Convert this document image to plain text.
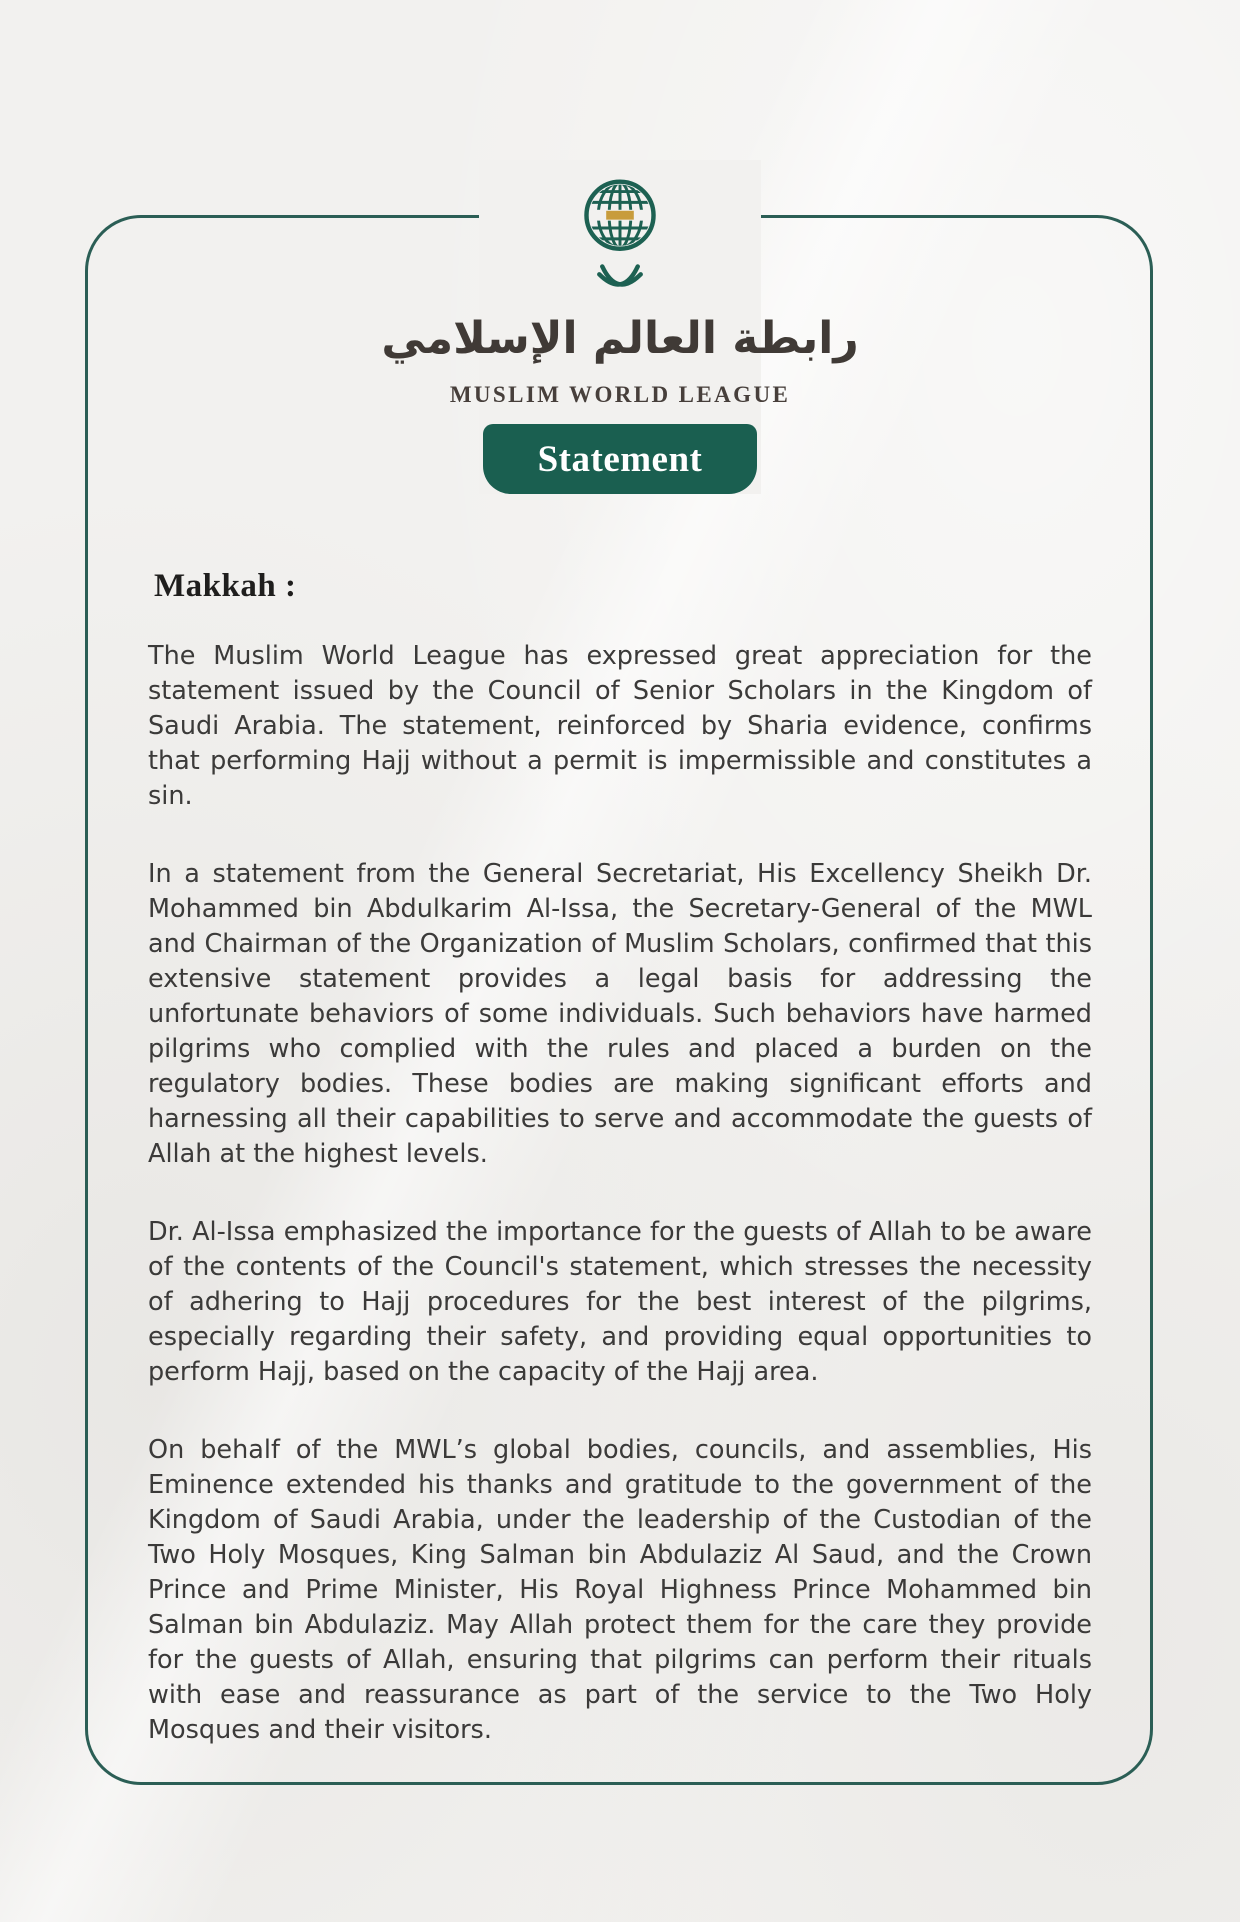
رابطة العالم الإسلامي
MUSLIM WORLD LEAGUE
Statement
Makkah :

The Muslim World League has expressed great appreciation for the statement issued by the Council of Senior Scholars in the Kingdom of Saudi Arabia. The statement, reinforced by Sharia evidence, confirms that performing Hajj without a permit is impermissible and constitutes a sin.

In a statement from the General Secretariat, His Excellency Sheikh Dr. Mohammed bin Abdulkarim Al-Issa, the Secretary-General of the MWL and Chairman of the Organization of Muslim Scholars, confirmed that this extensive statement provides a legal basis for addressing the unfortunate behaviors of some individuals. Such behaviors have harmed pilgrims who complied with the rules and placed a burden on the regulatory bodies. These bodies are making significant efforts and harnessing all their capabilities to serve and accommodate the guests of Allah at the highest levels.

Dr. Al-Issa emphasized the importance for the guests of Allah to be aware of the contents of the Council's statement, which stresses the necessity of adhering to Hajj procedures for the best interest of the pilgrims, especially regarding their safety, and providing equal opportunities to perform Hajj, based on the capacity of the Hajj area.

On behalf of the MWL’s global bodies, councils, and assemblies, His Eminence extended his thanks and gratitude to the government of the Kingdom of Saudi Arabia, under the leadership of the Custodian of the Two Holy Mosques, King Salman bin Abdulaziz Al Saud, and the Crown Prince and Prime Minister, His Royal Highness Prince Mohammed bin Salman bin Abdulaziz. May Allah protect them for the care they provide for the guests of Allah, ensuring that pilgrims can perform their rituals with ease and reassurance as part of the service to the Two Holy Mosques and their visitors.
